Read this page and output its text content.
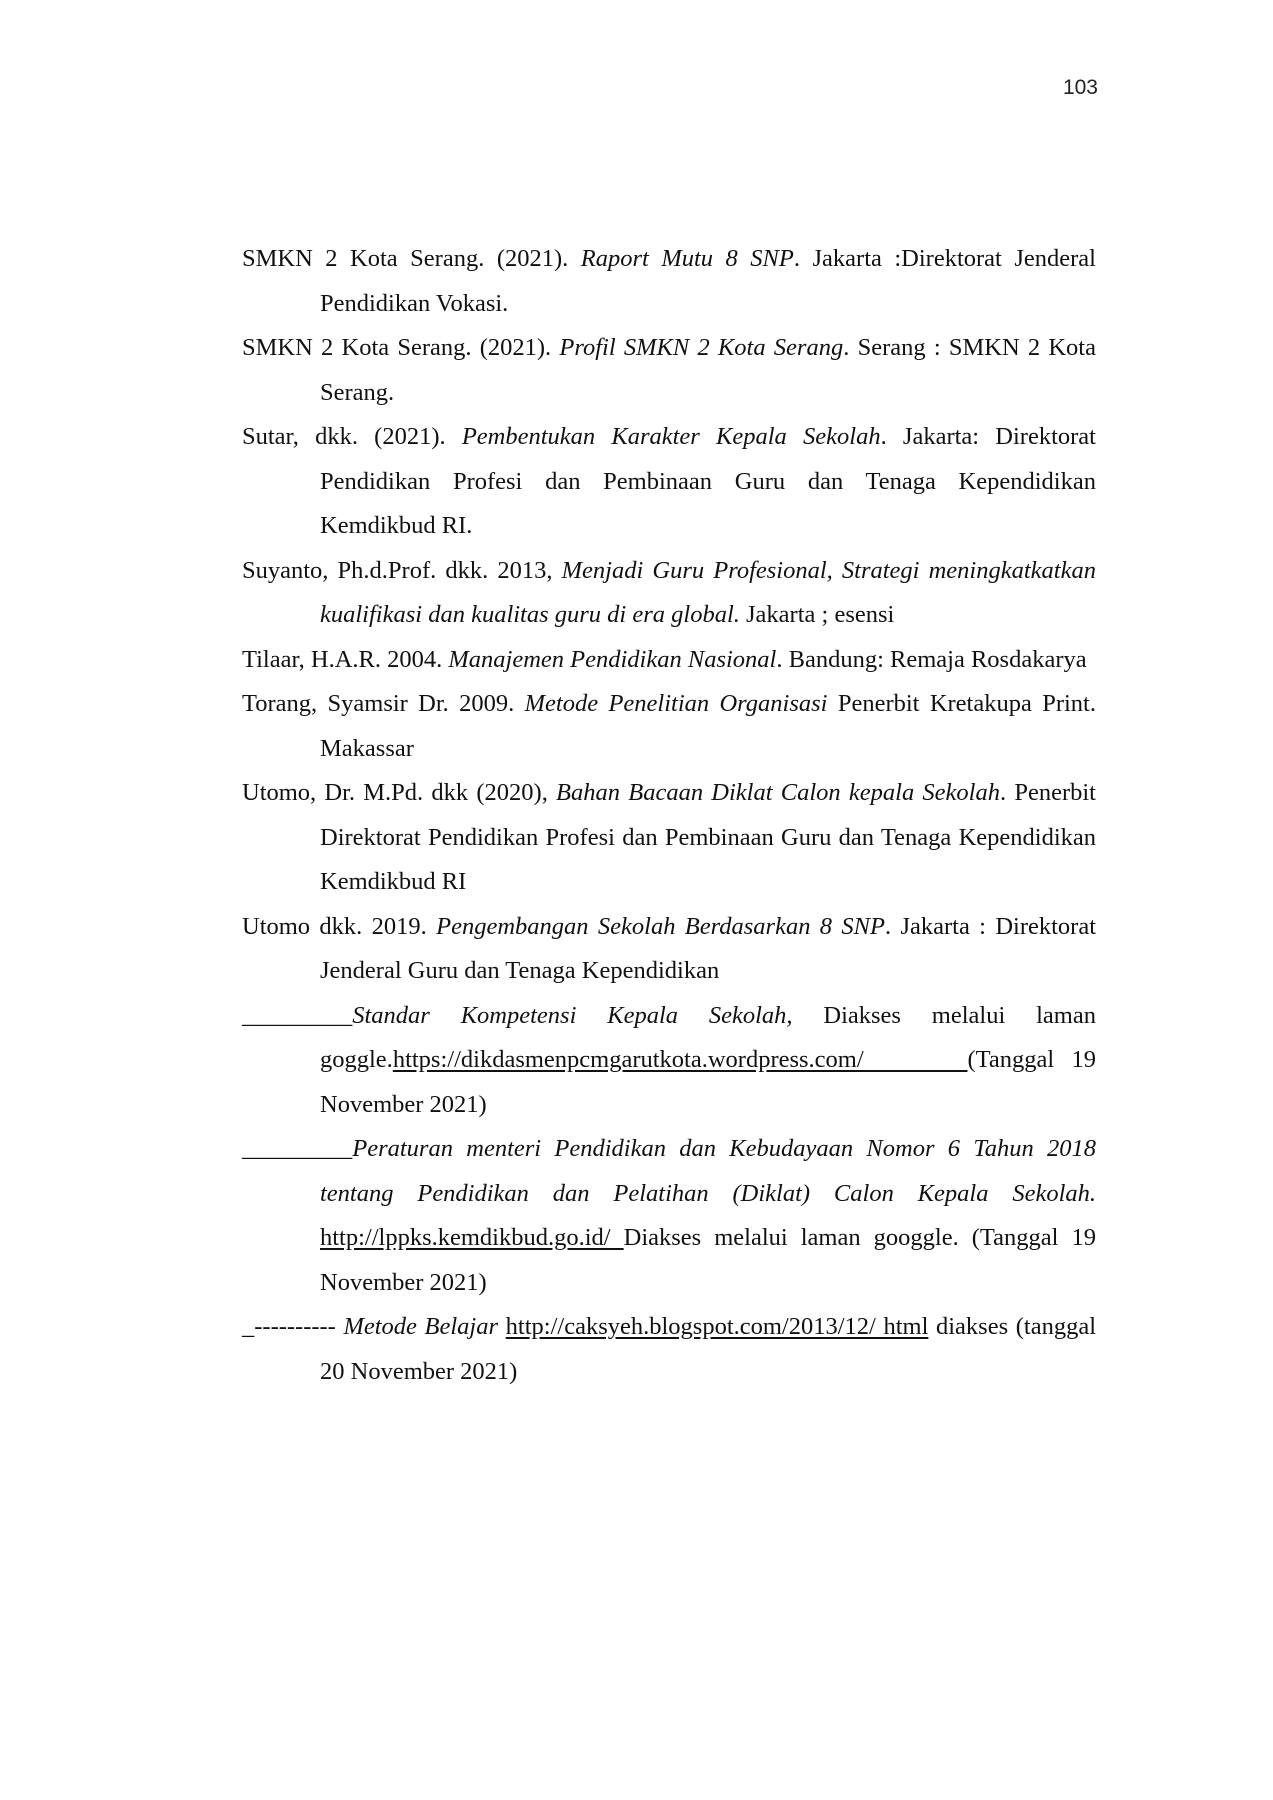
103

SMKN 2 Kota Serang. (2021). Raport Mutu 8 SNP. Jakarta :Direktorat Jenderal Pendidikan Vokasi.

SMKN 2 Kota Serang. (2021). Profil SMKN 2 Kota Serang. Serang : SMKN 2 Kota Serang.

Sutar, dkk. (2021). Pembentukan Karakter Kepala Sekolah. Jakarta: Direktorat Pendidikan Profesi dan Pembinaan Guru dan Tenaga Kependidikan Kemdikbud RI.

Suyanto, Ph.d.Prof. dkk. 2013, Menjadi Guru Profesional, Strategi meningkatkatkan kualifikasi dan kualitas guru di era global. Jakarta ; esensi

Tilaar, H.A.R. 2004. Manajemen Pendidikan Nasional. Bandung: Remaja Rosdakarya

Torang, Syamsir Dr. 2009. Metode Penelitian Organisasi Penerbit Kretakupa Print. Makassar

Utomo, Dr. M.Pd. dkk (2020), Bahan Bacaan Diklat Calon kepala Sekolah. Penerbit Direktorat Pendidikan Profesi dan Pembinaan Guru dan Tenaga Kependidikan Kemdikbud RI

Utomo dkk. 2019. Pengembangan Sekolah Berdasarkan 8 SNP. Jakarta : Direktorat Jenderal Guru dan Tenaga Kependidikan

_________Standar Kompetensi Kepala Sekolah, Diakses melalui laman goggle.https://dikdasmenpcmgarutkota.wordpress.com/      (Tanggal 19 November 2021)

_________Peraturan menteri Pendidikan dan Kebudayaan Nomor 6 Tahun 2018 tentang Pendidikan dan Pelatihan (Diklat) Calon Kepala Sekolah. http://lppks.kemdikbud.go.id/ Diakses melalui laman googgle. (Tanggal 19 November 2021)

_---------- Metode Belajar http://caksyeh.blogspot.com/2013/12/ html diakses (tanggal 20 November 2021)
